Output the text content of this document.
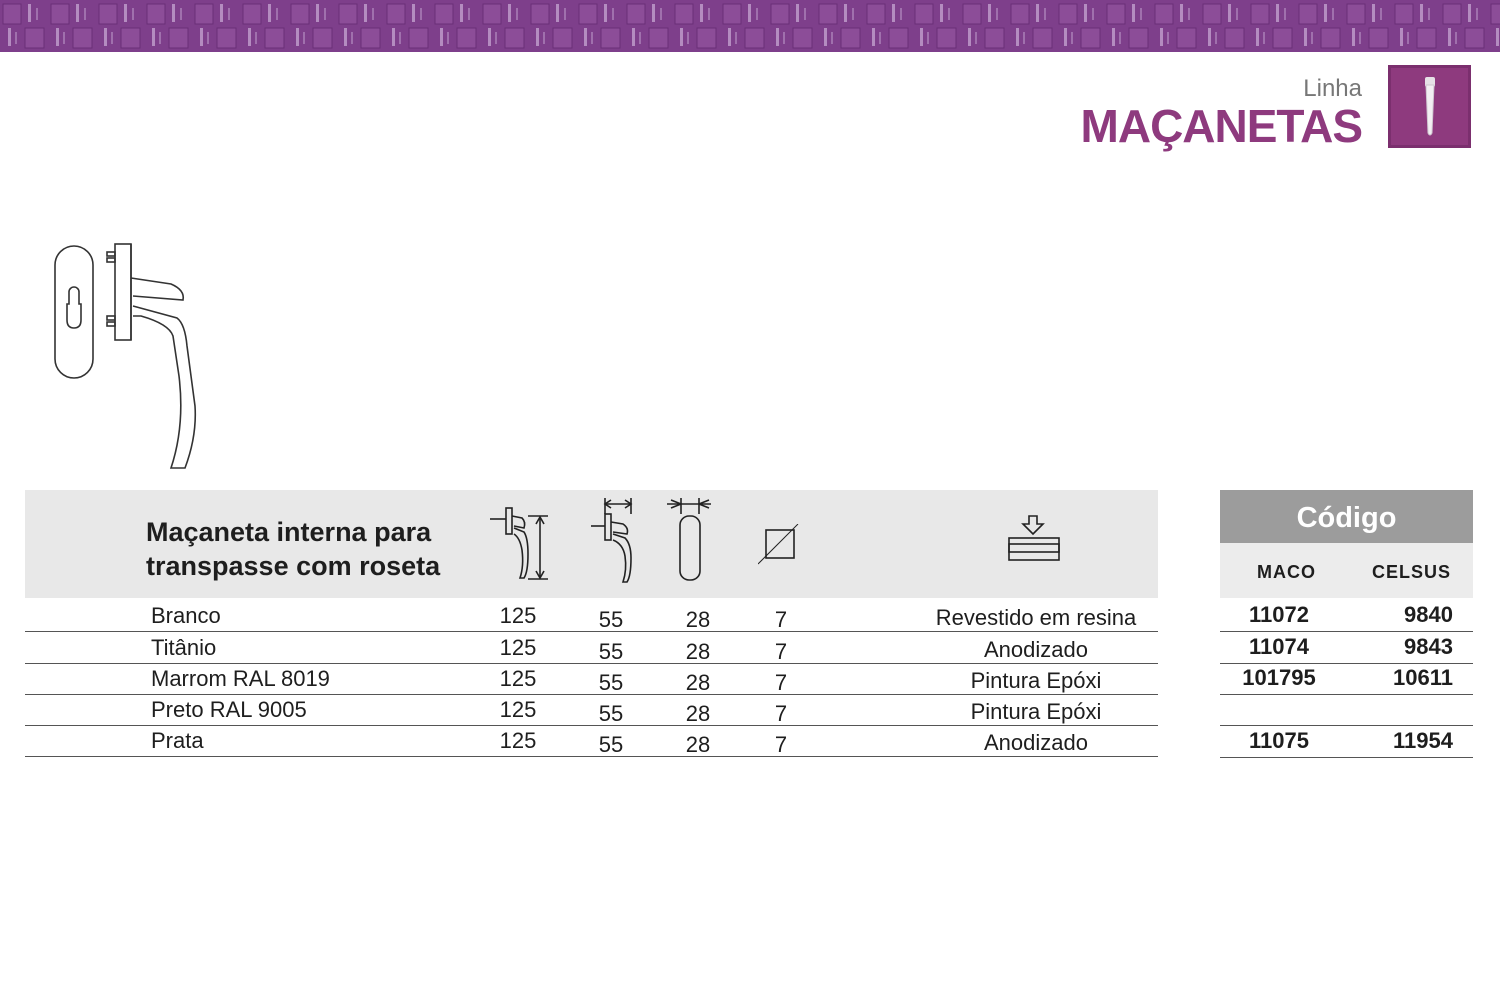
Linha
MAÇANETAS
Maçaneta interna para
transpasse com roseta
Branco	125	55	28	7	Revestido em resina
Titânio	125	55	28	7	Anodizado
Marrom RAL 8019	125	55	28	7	Pintura Epóxi
Preto RAL 9005	125	55	28	7	Pintura Epóxi
Prata	125	55	28	7	Anodizado
Código
MACO	CELSUS
11072	9840
11074	9843
101795	10611
11075	11954
